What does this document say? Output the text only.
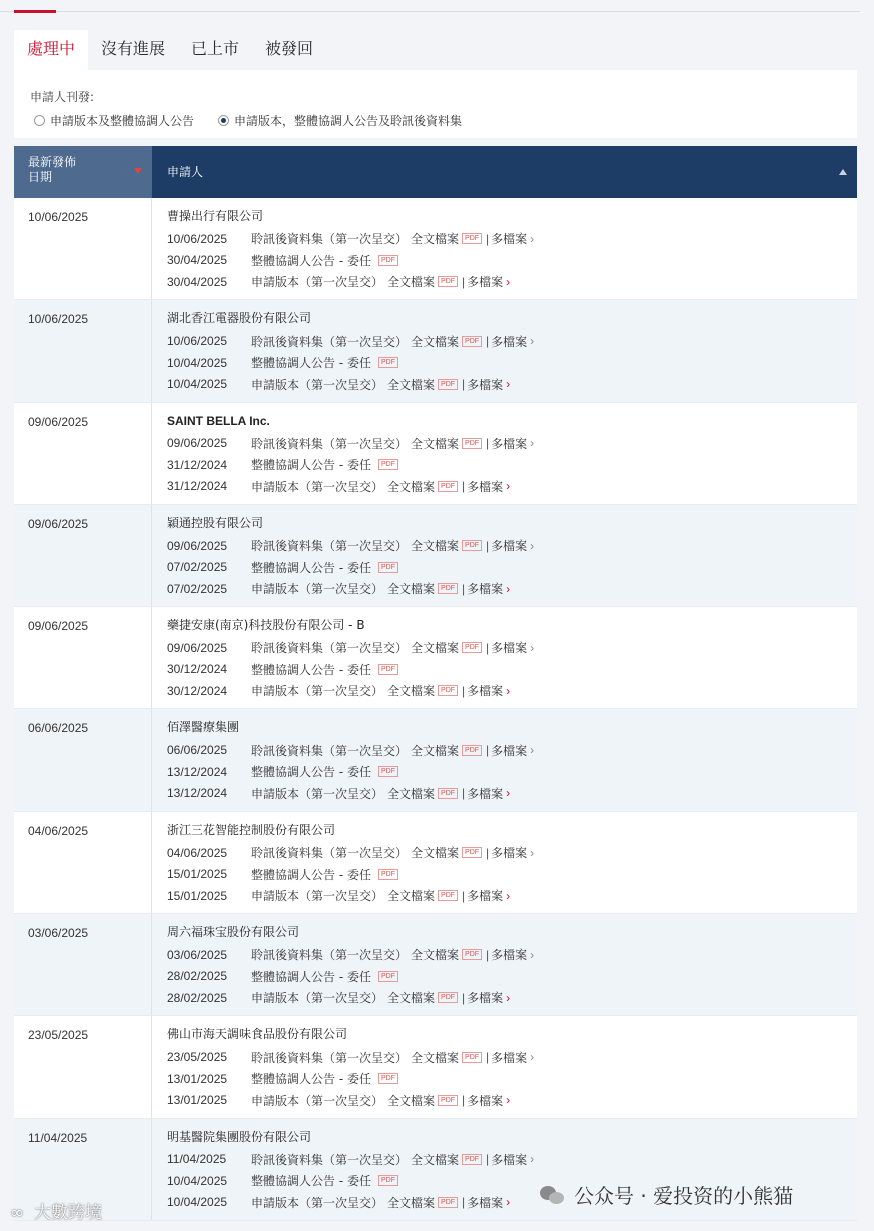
處理中	沒有進展	已上市	被發回
申請人刊發:
申請版本及整體協調人公告	申請版本，整體協調人公告及聆訊後資料集
最新發佈
日期	申請人
10/06/2025	曹操出行有限公司
10/06/2025	聆訊後資料集（第一次呈交） 全文檔案 PDF | 多檔案 ›
30/04/2025	整體協調人公告 - 委任	PDF
30/04/2025	申請版本（第一次呈交） 全文檔案 PDF | 多檔案 ›
10/06/2025	湖北香江電器股份有限公司
10/06/2025	聆訊後資料集（第一次呈交） 全文檔案 PDF | 多檔案 ›
10/04/2025	整體協調人公告 - 委任	PDF
10/04/2025	申請版本（第一次呈交） 全文檔案 PDF | 多檔案 ›
09/06/2025	SAINT BELLA Inc.
09/06/2025	聆訊後資料集（第一次呈交） 全文檔案 PDF | 多檔案 ›
31/12/2024	整體協調人公告 - 委任	PDF
31/12/2024	申請版本（第一次呈交） 全文檔案 PDF | 多檔案 ›
09/06/2025	穎通控股有限公司
09/06/2025	聆訊後資料集（第一次呈交） 全文檔案 PDF | 多檔案 ›
07/02/2025	整體協調人公告 - 委任	PDF
07/02/2025	申請版本（第一次呈交） 全文檔案 PDF | 多檔案 ›
09/06/2025	藥捷安康(南京)科技股份有限公司 - B
09/06/2025	聆訊後資料集（第一次呈交） 全文檔案 PDF | 多檔案 ›
30/12/2024	整體協調人公告 - 委任	PDF
30/12/2024	申請版本（第一次呈交） 全文檔案 PDF | 多檔案 ›
06/06/2025	佰澤醫療集團
06/06/2025	聆訊後資料集（第一次呈交） 全文檔案 PDF | 多檔案 ›
13/12/2024	整體協調人公告 - 委任	PDF
13/12/2024	申請版本（第一次呈交） 全文檔案 PDF | 多檔案 ›
04/06/2025	浙江三花智能控制股份有限公司
04/06/2025	聆訊後資料集（第一次呈交） 全文檔案 PDF | 多檔案 ›
15/01/2025	整體協調人公告 - 委任	PDF
15/01/2025	申請版本（第一次呈交） 全文檔案 PDF | 多檔案 ›
03/06/2025	周六福珠宝股份有限公司
03/06/2025	聆訊後資料集（第一次呈交） 全文檔案 PDF | 多檔案 ›
28/02/2025	整體協調人公告 - 委任	PDF
28/02/2025	申請版本（第一次呈交） 全文檔案 PDF | 多檔案 ›
23/05/2025	佛山市海天調味食品股份有限公司
23/05/2025	聆訊後資料集（第一次呈交） 全文檔案 PDF | 多檔案 ›
13/01/2025	整體協調人公告 - 委任	PDF
13/01/2025	申請版本（第一次呈交） 全文檔案 PDF | 多檔案 ›
11/04/2025	明基醫院集團股份有限公司
11/04/2025	聆訊後資料集（第一次呈交） 全文檔案 PDF | 多檔案 ›
10/04/2025	整體協調人公告 - 委任	PDF
10/04/2025	申請版本（第一次呈交） 全文檔案 PDF | 多檔案 ›
∞ 大數跨境
公众号 · 爱投资的小熊猫
